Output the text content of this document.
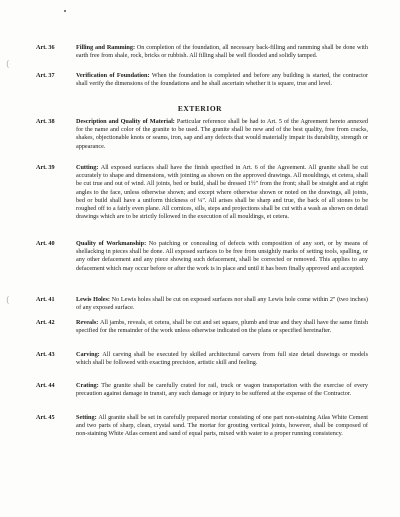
(
(
Art. 36	Filling and Ramming: On completion of the foundation, all necessary back-filling and ramming shall be done with earth free from shale, rock, bricks or rubbish. All filling shall be well flooded and solidly tamped.
Art. 37	Verification of Foundation: When the foundation is completed and before any building is started, the contractor shall verify the dimensions of the foundations and he shall ascertain whether it is square, true and level.
EXTERIOR
Art. 38	Description and Quality of Material: Particular reference shall be had to Art. 5 of the Agreement hereto annexed for the name and color of the granite to be used. The granite shall be new and of the best quality, free from cracks, shakes, objectionable knots or seams, iron, sap and any defects that would materially impair its durability, strength or appearance.
Art. 39	Cutting: All exposed surfaces shall have the finish specified in Art. 6 of the Agreement. All granite shall be cut accurately to shape and dimensions, with jointing as shown on the approved drawings. All mouldings, et cetera, shall be cut true and out of wind. All joints, bed or build, shall be dressed 1½" from the front; shall be straight and at right angles to the face, unless otherwise shown; and except where otherwise shown or noted on the drawings, all joints, bed or build shall have a uniform thickness of ¼". All arises shall be sharp and true, the back of all stones to be roughed off to a fairly even plane. All cornices, sills, steps and projections shall be cut with a wash as shown on detail drawings which are to be strictly followed in the execution of all mouldings, et cetera.
Art. 40	Quality of Workmanship: No patching or concealing of defects with composition of any sort, or by means of shellacking in pieces shall be done. All exposed surfaces to be free from unsightly marks of setting tools, spalling, or any other defacement and any piece showing such defacement, shall be corrected or removed. This applies to any defacement which may occur before or after the work is in place and until it has been finally approved and accepted.
Art. 41	Lewis Holes: No Lewis holes shall be cut on exposed surfaces nor shall any Lewis hole come within 2" (two inches) of any exposed surface.
Art. 42	Reveals: All jambs, reveals, et cetera, shall be cut and set square, plumb and true and they shall have the same finish specified for the remainder of the work unless otherwise indicated on the plans or specified hereinafter.
Art. 43	Carving: All carving shall be executed by skilled architectural carvers from full size detail drawings or models which shall be followed with exacting precision, artistic skill and feeling.
Art. 44	Crating: The granite shall be carefully crated for rail, truck or wagon transportation with the exercise of every precaution against damage in transit, any such damage or injury to be suffered at the expense of the Contractor.
Art. 45	Setting: All granite shall be set in carefully prepared mortar consisting of one part non-staining Atlas White Cement and two parts of sharp, clean, crystal sand. The mortar for grouting vertical joints, however, shall be composed of non-staining White Atlas cement and sand of equal parts, mixed with water to a proper running consistency.
